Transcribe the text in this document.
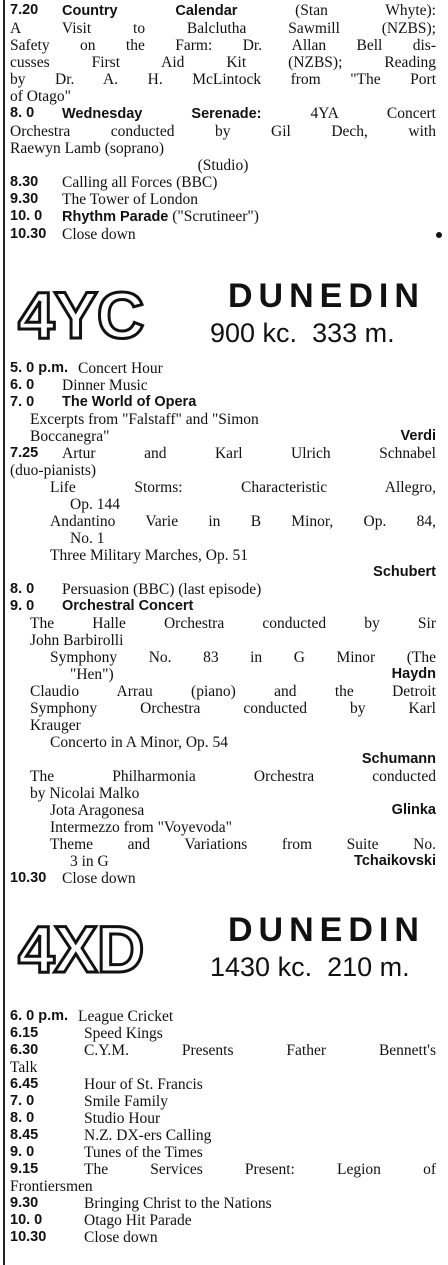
7.20	Country Calendar	(Stan Whyte):
A Visit to Balclutha Sawmill (NZBS);
Safety on the Farm: Dr. Allan Bell dis-
cusses First Aid Kit (NZBS); Reading
by Dr. A. H. McLintock from "The Port
of Otago"
8. 0	Wednesday Serenade:	4YA Concert
Orchestra conducted by Gil Dech, with
Raewyn Lamb (soprano)
(Studio)
8.30	Calling all Forces (BBC)
9.30	The Tower of London
10. 0	Rhythm Parade ("Scrutineer")
10.30	Close down
4YC DUNEDIN
900 kc. 333 m.
5. 0 p.m. Concert Hour
6. 0	Dinner Music
7. 0	The World of Opera
Excerpts from "Falstaff" and "Simon
Boccanegra"	Verdi
7.25	Artur and Karl Ulrich Schnabel
(duo-pianists)
Life Storms: Characteristic Allegro,
Op. 144
Andantino Varie in B Minor, Op. 84,
No. 1
Three Military Marches, Op. 51
Schubert
8. 0	Persuasion (BBC) (last episode)
9. 0	Orchestral Concert
The Halle Orchestra conducted by Sir
John Barbirolli
Symphony No. 83 in G Minor (The
"Hen")	Haydn
Claudio Arrau (piano) and the Detroit
Symphony Orchestra conducted by Karl
Krauger
Concerto in A Minor, Op. 54
Schumann
The Philharmonia Orchestra conducted
by Nicolai Malko
Jota Aragonesa	Glinka
Intermezzo from "Voyevoda"
Theme and Variations from Suite No.
3 in G	Tchaikovski
10.30	Close down
4XD DUNEDIN
1430 kc. 210 m.
6. 0 p.m. League Cricket
6.15	Speed Kings
6.30	C.Y.M. Presents Father Bennett's
Talk
6.45	Hour of St. Francis
7. 0	Smile Family
8. 0	Studio Hour
8.45	N.Z. DX-ers Calling
9. 0	Tunes of the Times
9.15	The Services Present: Legion of
Frontiersmen
9.30	Bringing Christ to the Nations
10. 0	Otago Hit Parade
10.30	Close down
